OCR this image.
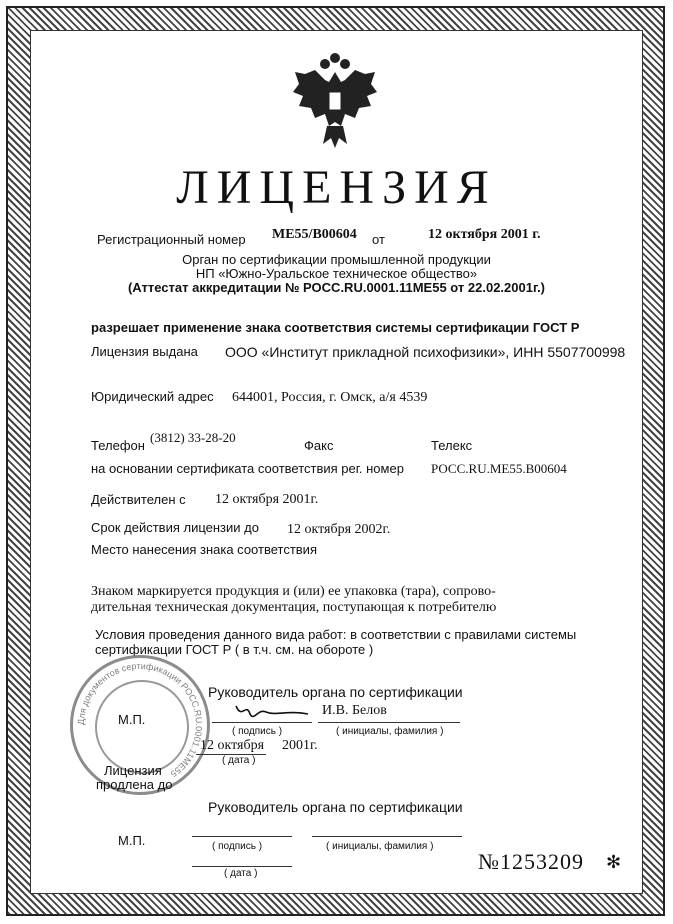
ЛИЦЕНЗИЯ
Регистрационный номер ME55/B00604 от	12 октября 2001 г.
Орган по сертификации промышленной продукции
НП «Южно-Уральское техническое общество»
(Аттестат аккредитации № РОСС.RU.0001.11МЕ55 от 22.02.2001г.)
разрешает применение знака соответствия системы сертификации ГОСТ Р
Лицензия выдана ООО «Институт прикладной психофизики», ИНН 5507700998
Юридический адрес 644001, Россия, г. Омск, а/я 4539
Телефон
(3812) 33-28-20
Факс	Телекс
на основании сертификата соответствия рег. номер РОСС.RU.ME55.B00604
Действителен с 12 октября 2001г.
Срок действия лицензии до 12 октября 2002г.
Место нанесения знака соответствия
Знаком маркируется продукция и (или) ее упаковка (тара), сопрово-
дительная техническая документация, поступающая к потребителю
Условия проведения данного вида работ: в соответствии с правилами системы
сертификации ГОСТ Р ( в т.ч. см. на обороте )
Для документов сертификации РОСС.RU.0001.11МЕ55
Руководитель органа по сертификации
М.П.
И.В. Белов
( подпись )	( инициалы, фамилия )
12 октября 2001г.
( дата )
Лицензия
продлена до
Руководитель органа по сертификации
М.П.	( подпись )	( инициалы, фамилия )
( дата )	№1253209 ✻
